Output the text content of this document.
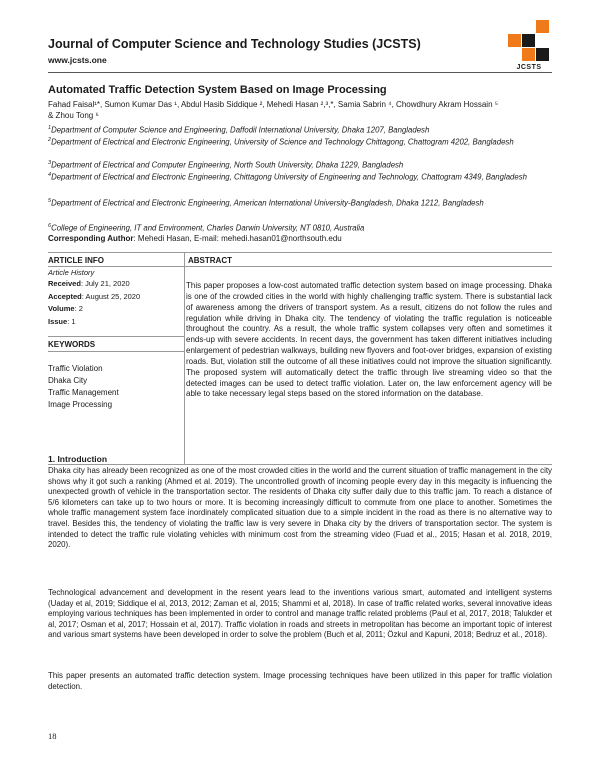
Journal of Computer Science and Technology Studies (JCSTS)
www.jcsts.one
JCSTS
Automated Traffic Detection System Based on Image Processing
Fahad Faisal¹*, Sumon Kumar Das ¹, Abdul Hasib Siddique ², Mehedi Hasan ²,³,*, Samia Sabrin ⁴, Chowdhury Akram Hossain ⁵
& Zhou Tong ⁶
$^1$Department of Computer Science and Engineering, Daffodil International University, Dhaka 1207, Bangladesh
$^2$Department of Electrical and Electronic Engineering, University of Science and Technology Chittagong, Chattogram 4202, Bangladesh
$^3$Department of Electrical and Computer Engineering, North South University, Dhaka 1229, Bangladesh
$^4$Department of Electrical and Electronic Engineering, Chittagong University of Engineering and Technology, Chattogram 4349, Bangladesh
$^5$Department of Electrical and Electronic Engineering, American International University-Bangladesh, Dhaka 1212, Bangladesh
$^6$College of Engineering, IT and Environment, Charles Darwin University, NT 0810, Australia
Corresponding Author: Mehedi Hasan, E-mail: mehedi.hasan01@northsouth.edu
ARTICLE INFO	ABSTRACT
Article History
Received: July 21, 2020
Accepted: August 25, 2020
Volume: 2
Issue: 1
KEYWORDS
Traffic Violation
Dhaka City
Traffic Management
Image Processing
This paper proposes a low-cost automated traffic detection system based on image processing. Dhaka is one of the crowded cities in the world with highly challenging traffic system. There is substantial lack of awareness among the drivers of transport system. As a result, citizens do not follow the rules and regulation while driving in Dhaka city. The tendency of violating the traffic regulation is noticeable throughout the country. As a result, the whole traffic system collapses very often and sometimes it ends-up with severe accidents. In recent days, the government has taken different initiatives including enlargement of pedestrian walkways, building new flyovers and foot-over bridges, expansion of existing roads. But, violation still the outcome of all these initiatives could not improve the situation significantly. The proposed system will automatically detect the traffic through live streaming video so that the detected images can be used to detect traffic violation. Later on, the law enforcement agency will be able to take necessary legal steps based on the stored information on the database.
1. Introduction
Dhaka city has already been recognized as one of the most crowded cities in the world and the current situation of traffic management in the city shows why it got such a ranking (Ahmed et al. 2019). The uncontrolled growth of incoming people every day in this megacity is influencing the unexpected growth of vehicle in the transportation sector. The residents of Dhaka city suffer daily due to this traffic jam. To reach a distance of 5/6 kilometers can take up to two hours or more. It is becoming increasingly difficult to commute from one place to another. Sometimes the whole traffic management system face inordinately complicated situation due to a simple incident in the road as there is no alternative way to travel. Besides this, the tendency of violating the traffic law is very severe in Dhaka city by the drivers of transportation sector. The system is intended to detect the traffic rule violating vehicles with minimum cost from the streaming video (Fuad et al., 2015; Hasan et al. 2018, 2019, 2020).
Technological advancement and development in the resent years lead to the inventions various smart, automated and intelligent systems (Uaday et al, 2019; Siddique el al, 2013, 2012; Zaman et al, 2015; Shammi et al, 2018). In case of traffic related works, several innovative ideas employing various techniques has been implemented in order to control and manage traffic related problems (Paul et al, 2017, 2018; Talukder et al, 2017; Osman et al, 2017; Hossain et al, 2017). Traffic violation in roads and streets in metropolitan has become an important topic of interest and various smart systems have been developed in order to solve the problem (Buch et al, 2011; Özkul and Kapuni, 2018; Bedruz et al., 2018).
This paper presents an automated traffic detection system. Image processing techniques have been utilized in this paper for traffic violation detection.
18
